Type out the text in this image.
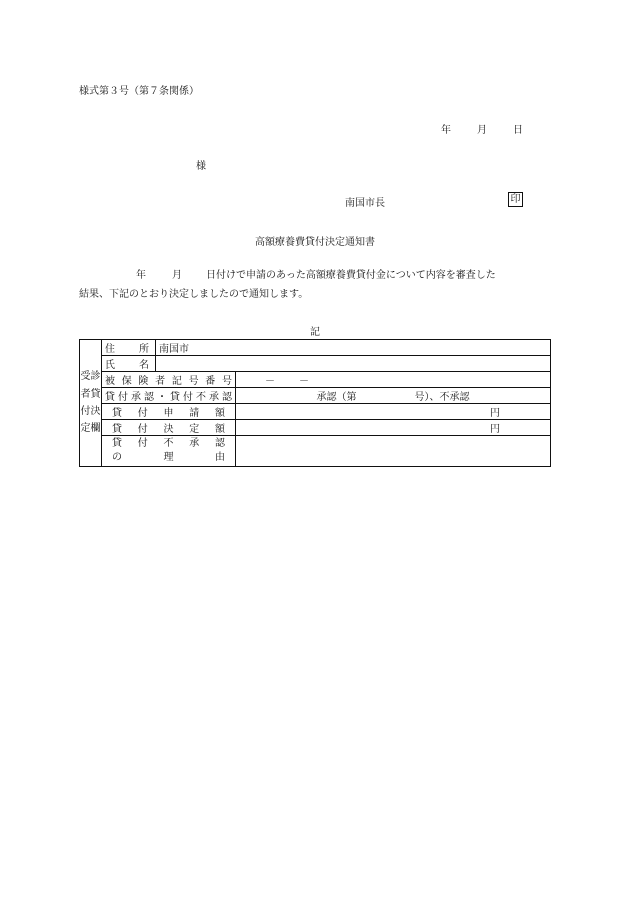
様式第３号（第７条関係）
年	月	日
様
南国市長	印
高額療養費貸付決定通知書
年	月 日付けで申請のあった高額療養費貸付金について内容を審査した
結果、下記のとおり決定しましたので通知します。
記
受診者貸付決定欄	住　所	南国市	
	氏　名		
	被保険者記号番号		－ －
	貸付承認・貸付不承認		承認（第 号）、不承認

	貸付申請額		円
	貸付決定額		円

	貸付不承認
の理由		
